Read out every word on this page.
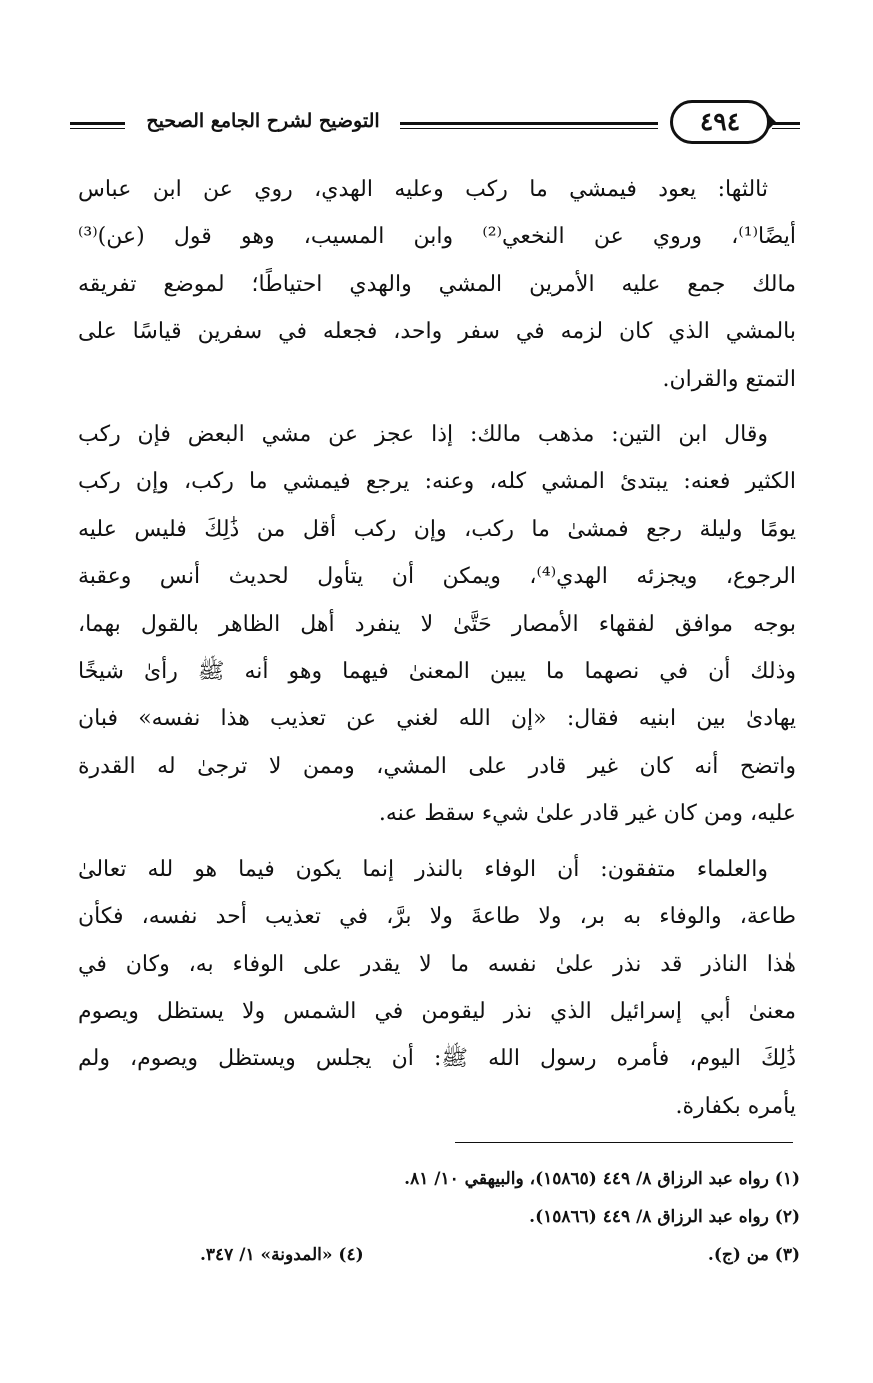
التوضيح لشرح الجامع الصحيح	٤٩٤
ثالثها: يعود فيمشي ما ركب وعليه الهدي، روي عن ابن عباس
أيضًا⁽¹⁾، وروي عن النخعي⁽²⁾ وابن المسيب، وهو قول (عن)⁽³⁾
مالك جمع عليه الأمرين المشي والهدي احتياطًا؛ لموضع تفريقه
بالمشي الذي كان لزمه في سفر واحد، فجعله في سفرين قياسًا على
التمتع والقران.
وقال ابن التين: مذهب مالك: إذا عجز عن مشي البعض فإن ركب
الكثير فعنه: يبتدئ المشي كله، وعنه: يرجع فيمشي ما ركب، وإن ركب
يومًا وليلة رجع فمشىٰ ما ركب، وإن ركب أقل من ذَٰلِكَ فليس عليه
الرجوع، ويجزئه الهدي⁽⁴⁾، ويمكن أن يتأول لحديث أنس وعقبة
بوجه موافق لفقهاء الأمصار حَتَّىٰ لا ينفرد أهل الظاهر بالقول بهما،
وذلك أن في نصهما ما يبين المعنىٰ فيهما وهو أنه ﷺ رأىٰ شيخًا
يهادىٰ بين ابنيه فقال: «إن الله لغني عن تعذيب هذا نفسه» فبان
واتضح أنه كان غير قادر على المشي، وممن لا ترجىٰ له القدرة
عليه، ومن كان غير قادر علىٰ شيء سقط عنه.
والعلماء متفقون: أن الوفاء بالنذر إنما يكون فيما هو لله تعالىٰ
طاعة، والوفاء به بر، ولا طاعةَ ولا برَّ، في تعذيب أحد نفسه، فكأن
هٰذا الناذر قد نذر علىٰ نفسه ما لا يقدر على الوفاء به، وكان في
معنىٰ أبي إسرائيل الذي نذر ليقومن في الشمس ولا يستظل ويصوم
ذَٰلِكَ اليوم، فأمره رسول الله ﷺ: أن يجلس ويستظل ويصوم، ولم
يأمره بكفارة.
(١) رواه عبد الرزاق ٨/ ٤٤٩ (١٥٨٦٥)، والبيهقي ١٠/ ٨١.
(٢) رواه عبد الرزاق ٨/ ٤٤٩ (١٥٨٦٦).
(٣) من (ج).
(٤) «المدونة» ١/ ٣٤٧.
